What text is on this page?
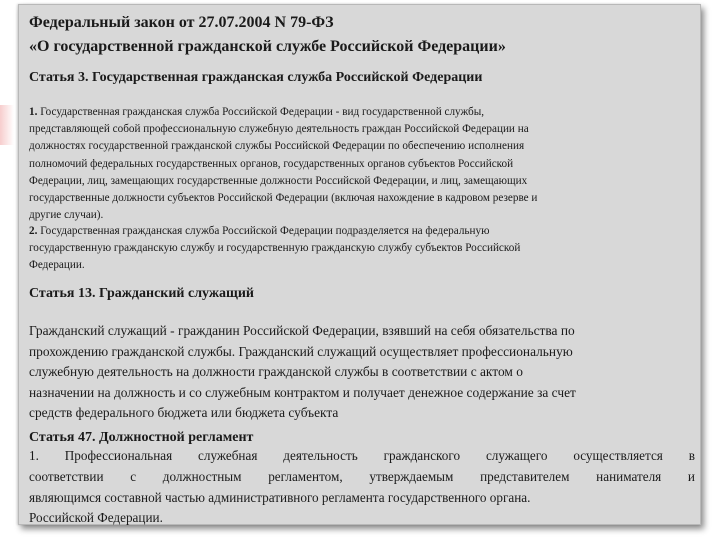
Федеральный закон от 27.07.2004 N 79-ФЗ
«О государственной гражданской службе Российской Федерации»
Статья 3. Государственная гражданская служба Российской Федерации
1. Государственная гражданская служба Российской Федерации - вид государственной службы,
представляющей собой профессиональную служебную деятельность граждан Российской Федерации на
должностях государственной гражданской службы Российской Федерации по обеспечению исполнения
полномочий федеральных государственных органов, государственных органов субъектов Российской
Федерации, лиц, замещающих государственные должности Российской Федерации, и лиц, замещающих
государственные должности субъектов Российской Федерации (включая нахождение в кадровом резерве и
другие случаи).
2. Государственная гражданская служба Российской Федерации подразделяется на федеральную
государственную гражданскую службу и государственную гражданскую службу субъектов Российской
Федерации.
Статья 13. Гражданский служащий
Гражданский служащий - гражданин Российской Федерации, взявший на себя обязательства по
прохождению гражданской службы. Гражданский служащий осуществляет профессиональную
служебную деятельность на должности гражданской службы в соответствии с актом о
назначении на должность и со служебным контрактом и получает денежное содержание за счет
средств федерального бюджета или бюджета субъекта
Статья 47. Должностной регламент
1. Профессиональная служебная деятельность гражданского служащего осуществляется в
соответствии с должностным регламентом, утверждаемым представителем нанимателя и
являющимся составной частью административного регламента государственного органа.
Российской Федерации.
